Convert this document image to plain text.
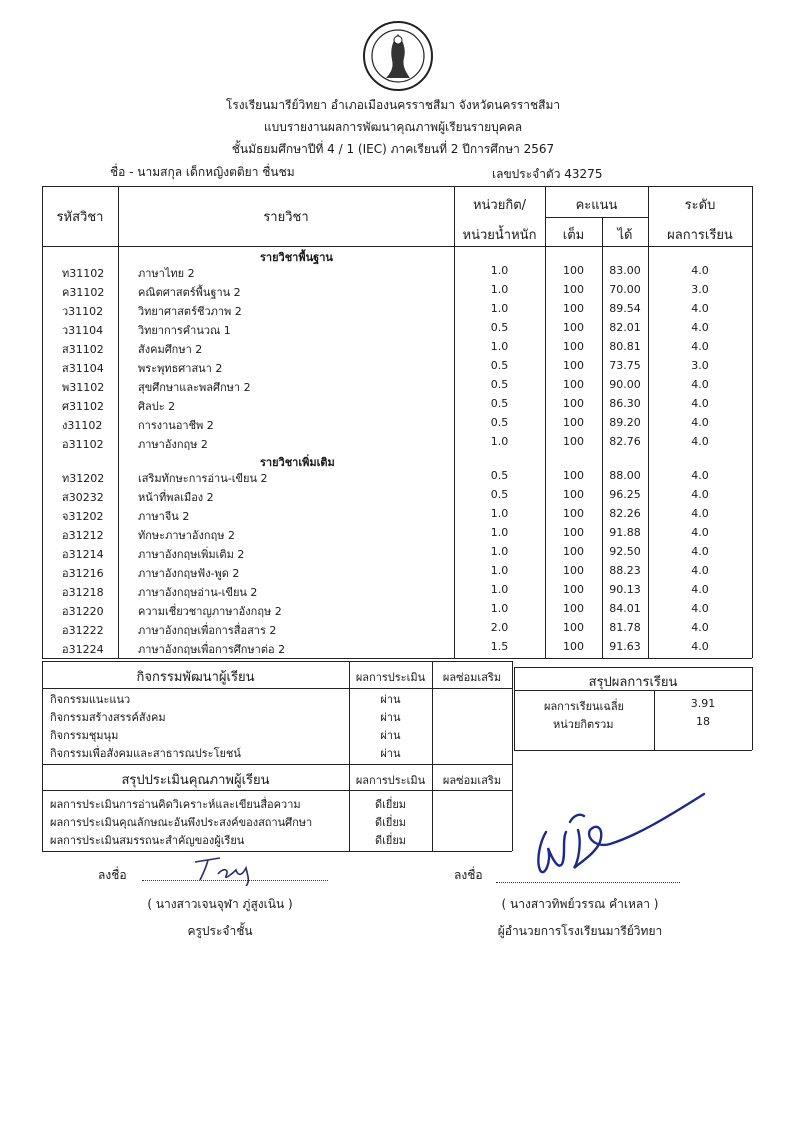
โรงเรียนมารีย์วิทยา อำเภอเมืองนครราชสีมา จังหวัดนครราชสีมา
แบบรายงานผลการพัฒนาคุณภาพผู้เรียนรายบุคคล
ชั้นมัธยมศึกษาปีที่ 4 / 1 (IEC) ภาคเรียนที่ 2 ปีการศึกษา 2567
ชื่อ - นามสกุล เด็กหญิงตติยา ชื่นชม	เลขประจำตัว 43275
รหัสวิชา	รายวิชา
หน่วยกิต/
หน่วยน้ำหนัก
คะแนน
เต็ม	ได้
ระดับ
ผลการเรียน
รายวิชาพื้นฐาน
รายวิชาเพิ่มเติม
ท31102	ภาษาไทย 2	1.0	100	83.00	4.0
ค31102	คณิตศาสตร์พื้นฐาน 2	1.0	100	70.00	3.0
ว31102	วิทยาศาสตร์ชีวภาพ 2	1.0	100	89.54	4.0
ว31104	วิทยาการคำนวณ 1	0.5	100	82.01	4.0
ส31102	สังคมศึกษา 2	1.0	100	80.81	4.0
ส31104	พระพุทธศาสนา 2	0.5	100	73.75	3.0
พ31102	สุขศึกษาและพลศึกษา 2	0.5	100	90.00	4.0
ศ31102	ศิลปะ 2	0.5	100	86.30	4.0
ง31102	การงานอาชีพ 2	0.5	100	89.20	4.0
อ31102	ภาษาอังกฤษ 2	1.0	100	82.76	4.0
ท31202	เสริมทักษะการอ่าน-เขียน 2	0.5	100	88.00	4.0
ส30232	หน้าที่พลเมือง 2	0.5	100	96.25	4.0
จ31202	ภาษาจีน 2	1.0	100	82.26	4.0
อ31212	ทักษะภาษาอังกฤษ 2	1.0	100	91.88	4.0
อ31214	ภาษาอังกฤษเพิ่มเติม 2	1.0	100	92.50	4.0
อ31216	ภาษาอังกฤษฟัง-พูด 2	1.0	100	88.23	4.0
อ31218	ภาษาอังกฤษอ่าน-เขียน 2	1.0	100	90.13	4.0
อ31220	ความเชี่ยวชาญภาษาอังกฤษ 2	1.0	100	84.01	4.0
อ31222	ภาษาอังกฤษเพื่อการสื่อสาร 2	2.0	100	81.78	4.0
อ31224	ภาษาอังกฤษเพื่อการศึกษาต่อ 2	1.5	100	91.63	4.0
กิจกรรมพัฒนาผู้เรียน	ผลการประเมิน	ผลซ่อมเสริม
กิจกรรมแนะแนว	ผ่าน
กิจกรรมสร้างสรรค์สังคม	ผ่าน
กิจกรรมชุมนุม	ผ่าน
กิจกรรมเพื่อสังคมและสาธารณประโยชน์	ผ่าน
สรุปผลการเรียน
ผลการเรียนเฉลี่ย	3.91
หน่วยกิตรวม	18
สรุปประเมินคุณภาพผู้เรียน	ผลการประเมิน	ผลซ่อมเสริม
ผลการประเมินการอ่านคิดวิเคราะห์และเขียนสื่อความ	ดีเยี่ยม
ผลการประเมินคุณลักษณะอันพึงประสงค์ของสถานศึกษา	ดีเยี่ยม
ผลการประเมินสมรรถนะสำคัญของผู้เรียน	ดีเยี่ยม
ลงชื่อ
( นางสาวเจนจุฬา ภู่สูงเนิน )
ครูประจำชั้น
ลงชื่อ
( นางสาวทิพย์วรรณ คำเหลา )
ผู้อำนวยการโรงเรียนมารีย์วิทยา
